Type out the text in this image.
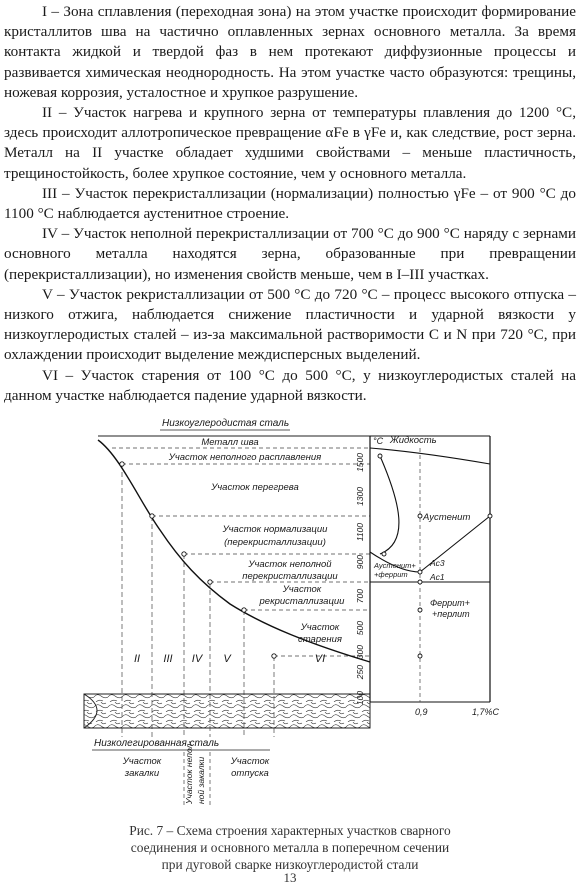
I – Зона сплавления (переходная зона) на этом участке происходит формирование кристаллитов шва на частично оплавленных зернах основного металла. За время контакта жидкой и твердой фаз в нем протекают диффузионные процессы и развивается химическая неоднородность. На этом участке часто образуются: трещины, ножевая коррозия, усталостное и хрупкое разрушение.

II – Участок нагрева и крупного зерна от температуры плавления до 1200 °С, здесь происходит аллотропическое превращение αFe в γFe и, как следствие, рост зерна. Металл на II участке обладает худшими свойствами – меньше пластичность, трещиностойкость, более хрупкое состояние, чем у основного металла.

III – Участок перекристаллизации (нормализации) полностью γFe – от 900 °С до 1100 °С наблюдается аустенитное строение.

IV – Участок неполной перекристаллизации от 700 °С до 900 °С наряду с зернами основного металла находятся зерна, образованные при превращении (перекристаллизации), но изменения свойств меньше, чем в I–III участках.

V – Участок рекристаллизации от 500 °С до 720 °С – процесс высокого отпуска – низкого отжига, наблюдается снижение пластичности и ударной вязкости у низкоуглеродистых сталей – из-за максимальной растворимости С и N при 720 °С, при охлаждении происходит выделение междисперсных выделений.

VI – Участок старения от 100 °С до 500 °С, у низкоуглеродистых сталей на данном участке наблюдается падение ударной вязкости.

Низкоуглеродистая сталь
Металл шва
Участок неполного расплавления
Участок перегрева
Участок нормализации
(перекристаллизации)
Участок неполной
перекристаллизации
Участок
рекристаллизации
Участок
старения
II III IV V	VI
°С
1500
1300
1100
900
700
500
300
100
250
Жидкость
Аустенит
Ac3
Ac1
Аустенит+
+феррит
Феррит+
+перлит
0,9	1,7%С
Низколегированная сталь
Участок
закалки	Участок непол- ной закалки	Участок
отпуска
Рис. 7 – Схема строения характерных участков сварного
соединения и основного металла в поперечном сечении
при дуговой сварке низкоуглеродистой стали
13
